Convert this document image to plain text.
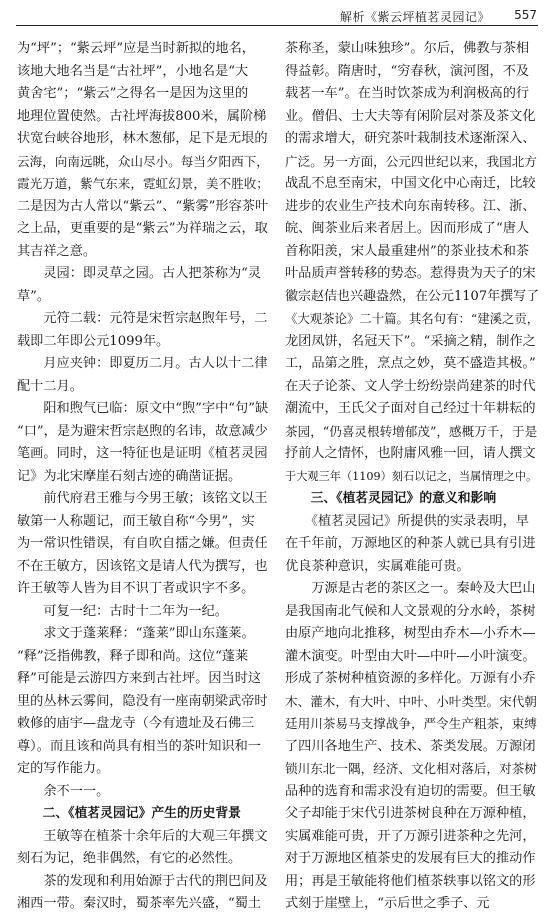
解析《紫云坪植茗灵园记》 557
为“坪”；“紫云坪”应是当时新拟的地名，
该地大地名当是“古社坪”，小地名是“大
黄舍宅”；“紫云”之得名一是因为这里的
地理位置使然。古社坪海拔800米，属阶梯
状宽台峡谷地形，林木葱郁，足下是无垠的
云海，向南远眺，众山尽小。每当夕阳西下，
霞光万道，紫气东来，霓虹幻景，美不胜收；
二是因为古人常以“紫云”、“紫雾”形容茶叶
之上品，更重要的是“紫云”为祥瑞之云，取
其吉祥之意。
　　灵园：即灵草之园。古人把茶称为“灵
草”。
　　元符二载：元符是宋哲宗赵煦年号，二
载即二年即公元1099年。
　　月应夹钟：即夏历二月。古人以十二律
配十二月。
　　阳和煦气已临：原文中“煦”字中“句”缺
“口”，是为避宋哲宗赵煦的名讳，故意减少
笔画。同时，这一特征也是证明《植茗灵园
记》为北宋摩崖石刻古迹的确凿证据。
　　前代府君王雅与今男王敏；该铭文以王
敏第一人称题记，而王敏自称“今男”，实
为一常识性错误，有自吹自擂之嫌。但责任
不在王敏方，因该铭文是请人代为撰写，也
许王敏等人皆为目不识丁者或识字不多。
　　可复一纪：古时十二年为一纪。
　　求文于蓬莱释：“蓬莱”即山东蓬莱。
“释”泛指佛教，释子即和尚。这位“蓬莱
释”可能是云游四方来到古社坪。因当时这
里的丛林云雾间，隐没有一座南朝梁武帝时
敕修的庙宇—盘龙寺（今有遗址及石佛三
尊）。而且该和尚具有相当的茶叶知识和一
定的写作能力。
　　余不一一。
　　二、《植茗灵园记》产生的历史背景
　　王敏等在植茶十余年后的大观三年撰文
刻石为记，绝非偶然，有它的必然性。
　　茶的发现和利用始源于古代的荆巴间及
湘西一带。秦汉时，蜀茶率先兴盛，“蜀土
茶称圣，蒙山味独珍”。尔后，佛教与茶相
得益彰。隋唐时，“穷春秋，演河图，不及
载茗一车”。在当时饮茶成为利润极高的行
业。僧侣、士大夫等有闲阶层对茶及茶文化
的需求增大，研究茶叶栽制技术逐渐深入、
广泛。另一方面，公元四世纪以来，我国北方
战乱不息至南宋，中国文化中心南迁，比较
进步的农业生产技术向东南转移。江、浙、
皖、闽茶业后来者居上。因而形成了“唐人
首称阳羡，宋人最重建州”的茶业技术和茶
叶品质声誉转移的势态。惹得贵为天子的宋
徽宗赵佶也兴趣盎然，在公元1107年撰写了
《大观茶论》二十篇。其名句有：“建溪之贡，
龙团凤饼，名冠天下”。“采摘之精，制作之
工，品第之胜，烹点之妙，莫不盛造其极。”
在天子论茶、文人学士纷纷崇尚建茶的时代
潮流中，王氏父子面对自己经过十年耕耘的
茶园，“仍喜灵根转增郁茂”，感概万千，于是
抒前人之情怀，也附庸风雅一回，请人撰文
于大观三年（1109）刻石以记之，当属情理之中。
　　三、《植茗灵园记》的意义和影响
　　《植茗灵园记》所提供的实录表明，早
在千年前，万源地区的种茶人就已具有引进
优良茶种意识，实属难能可贵。
　　万源是古老的茶区之一。秦岭及大巴山
是我国南北气候和人文景观的分水岭，茶树
由原产地向北推移，树型由乔木—小乔木—
灌木演变。叶型由大叶—中叶—小叶演变。
形成了茶树种植资源的多样化。万源有小乔
木、灌木，有大叶、中叶、小叶类型。宋代朝
廷用川茶易马支撑战争，严令生产粗茶，束缚
了四川各地生产、技术、茶类发展。万源闭
锁川东北一隅，经济、文化相对落后，对茶树
品种的选育和需求没有迫切的需要。但王敏
父子却能于宋代引进茶树良种在万源种植，
实属难能可贵，开了万源引进茶种之先河，
对于万源地区植茶史的发展有巨大的推动作
用；再是王敏能将他们植茶轶事以铭文的形
式刻于崖壁上，“示后世之季子、元
